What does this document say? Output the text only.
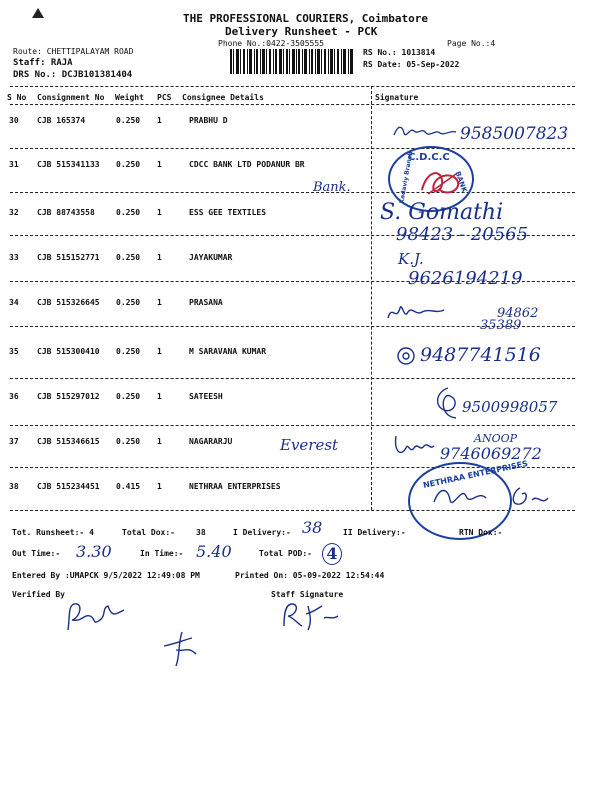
THE PROFESSIONAL COURIERS, Coimbatore
Delivery Runsheet - PCK
Phone No.:0422-3505555	Page No.:4
Route: CHETTIPALAYAM ROAD
Staff: RAJA
DRS No.: DCJB101381404
RS No.: 1013814
RS Date: 05-Sep-2022
S No Consignment No Weight PCS Consignee Details	Signature
30 CJB 165374	0.250 1	PRABHU D
31 CJB 515341133 0.250 1	CDCC BANK LTD PODANUR BR
32 CJB 88743558	0.250 1	ESS GEE TEXTILES
33 CJB 515152771 0.250 1	JAYAKUMAR
34 CJB 515326645 0.250 1	PRASANA
35 CJB 515300410 0.250 1	M SARAVANA KUMAR
36 CJB 515297012 0.250 1	SATEESH
37 CJB 515346615 0.250 1	NAGARARJU
38 CJB 515234451 0.415 1	NETHRAA ENTERPRISES
9585007823
Bank.
C.D.C.C
BANK
Kadaviy Branch
S. Gomathi
98423 - 20565
K.J.
9626194219
94862
35389
9487741516
9500998057
Everest	ANOOP
9746069272
NETHRAA ENTERPRISES
Tot. Runsheet:- 4	Total Dox:-	38	I Delivery:- 38	II Delivery:-	RTN Dox:-
Out Time:- 3.30	In Time:- 5.40	Total POD:- 4
Entered By :UMAPCK 9/5/2022 12:49:08 PM	Printed On: 05-09-2022 12:54:44
Verified By	Staff Signature
